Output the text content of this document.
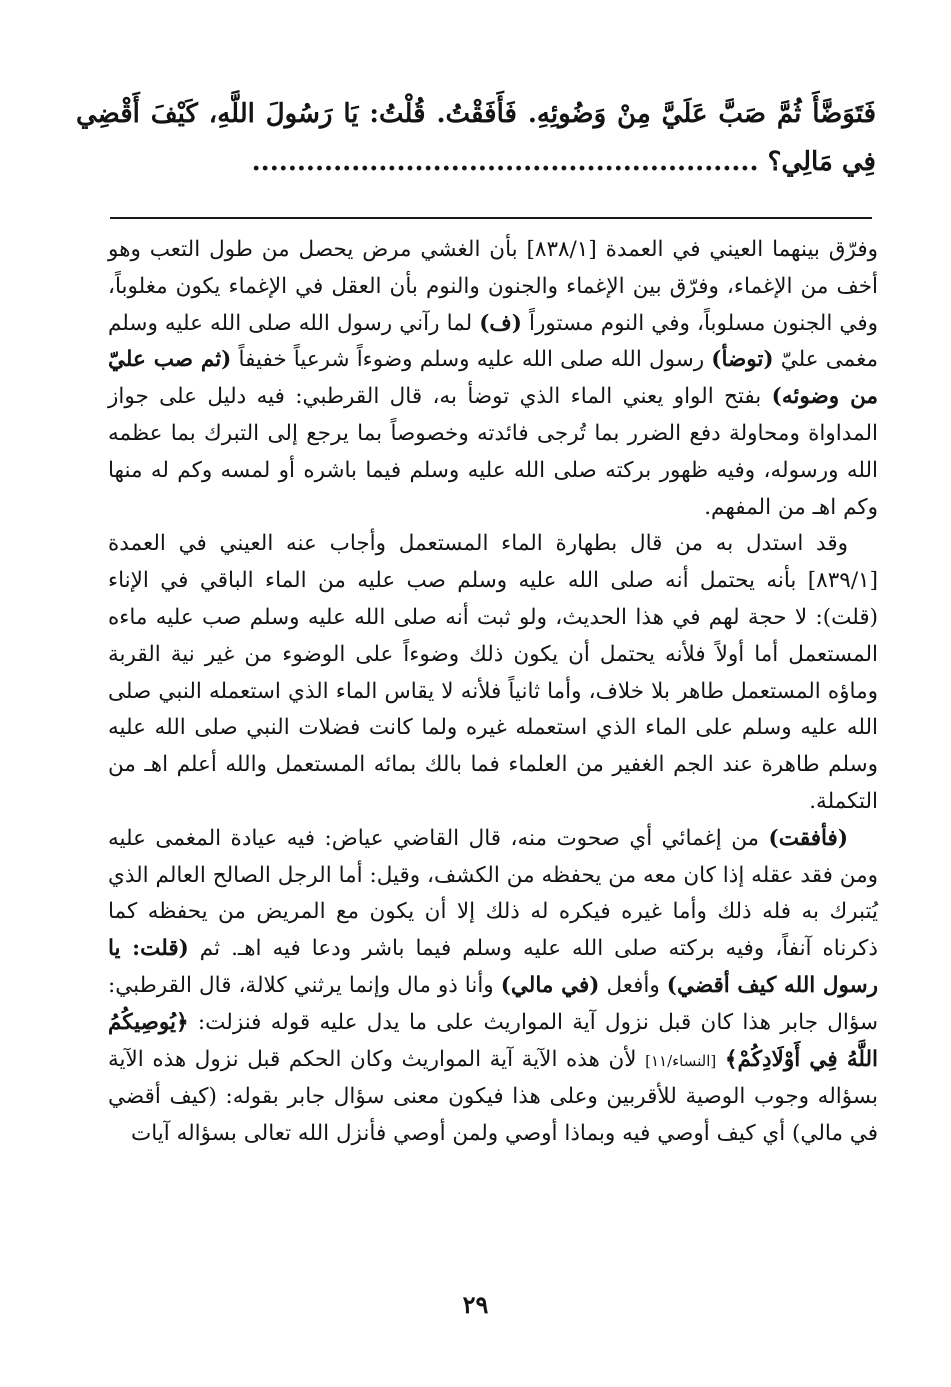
فَتَوَضَّأَ ثُمَّ صَبَّ عَلَيَّ مِنْ وَضُوئِهِ. فَأَفَقْتُ. قُلْتُ: يَا رَسُولَ اللَّهِ، كَيْفَ أَقْضِي فِي مَالِي؟ ........................................................

وفرّق بينهما العيني في العمدة [٨٣٨/١] بأن الغشي مرض يحصل من طول التعب وهو أخف من الإغماء، وفرّق بين الإغماء والجنون والنوم بأن العقل في الإغماء يكون مغلوباً، وفي الجنون مسلوباً، وفي النوم مستوراً (ف) لما رآني رسول الله صلى الله عليه وسلم مغمى عليّ (توضأ) رسول الله صلى الله عليه وسلم وضوءاً شرعياً خفيفاً (ثم صب عليّ من وضوئه) بفتح الواو يعني الماء الذي توضأ به، قال القرطبي: فيه دليل على جواز المداواة ومحاولة دفع الضرر بما تُرجى فائدته وخصوصاً بما يرجع إلى التبرك بما عظمه الله ورسوله، وفيه ظهور بركته صلى الله عليه وسلم فيما باشره أو لمسه وكم له منها وكم اهـ من المفهم.

وقد استدل به من قال بطهارة الماء المستعمل وأجاب عنه العيني في العمدة [٨٣٩/١] بأنه يحتمل أنه صلى الله عليه وسلم صب عليه من الماء الباقي في الإناء (قلت): لا حجة لهم في هذا الحديث، ولو ثبت أنه صلى الله عليه وسلم صب عليه ماءه المستعمل أما أولاً فلأنه يحتمل أن يكون ذلك وضوءاً على الوضوء من غير نية القربة وماؤه المستعمل طاهر بلا خلاف، وأما ثانياً فلأنه لا يقاس الماء الذي استعمله النبي صلى الله عليه وسلم على الماء الذي استعمله غيره ولما كانت فضلات النبي صلى الله عليه وسلم طاهرة عند الجم الغفير من العلماء فما بالك بمائه المستعمل والله أعلم اهـ من التكملة.

(فأفقت) من إغمائي أي صحوت منه، قال القاضي عياض: فيه عيادة المغمى عليه ومن فقد عقله إذا كان معه من يحفظه من الكشف، وقيل: أما الرجل الصالح العالم الذي يُتبرك به فله ذلك وأما غيره فيكره له ذلك إلا أن يكون مع المريض من يحفظه كما ذكرناه آنفاً، وفيه بركته صلى الله عليه وسلم فيما باشر ودعا فيه اهـ. ثم (قلت: يا رسول الله كيف أقضي) وأفعل (في مالي) وأنا ذو مال وإنما يرثني كلالة، قال القرطبي: سؤال جابر هذا كان قبل نزول آية المواريث على ما يدل عليه قوله فنزلت: ﴿يُوصِيكُمُ اللَّهُ فِي أَوْلَادِكُمْ﴾ [النساء/١١] لأن هذه الآية آية المواريث وكان الحكم قبل نزول هذه الآية بسؤاله وجوب الوصية للأقربين وعلى هذا فيكون معنى سؤال جابر بقوله: (كيف أقضي في مالي) أي كيف أوصي فيه وبماذا أوصي ولمن أوصي فأنزل الله تعالى بسؤاله آيات

٢٩
